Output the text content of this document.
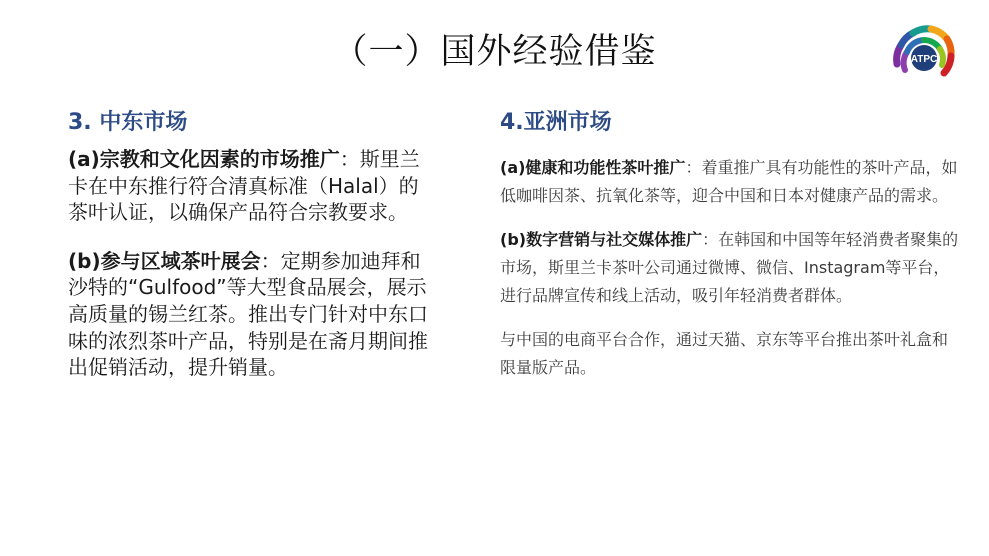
（一）国外经验借鉴	ATPC
3. 中东市场

(a)宗教和文化因素的市场推广：斯里兰卡在中东推行符合清真标准（Halal）的茶叶认证，以确保产品符合宗教要求。

(b)参与区域茶叶展会：定期参加迪拜和沙特的“Gulfood”等大型食品展会，展示高质量的锡兰红茶。推出专门针对中东口味的浓烈茶叶产品，特别是在斋月期间推出促销活动，提升销量。

4.亚洲市场

(a)健康和功能性茶叶推广：着重推广具有功能性的茶叶产品，如低咖啡因茶、抗氧化茶等，迎合中国和日本对健康产品的需求。

(b)数字营销与社交媒体推广：在韩国和中国等年轻消费者聚集的市场，斯里兰卡茶叶公司通过微博、微信、Instagram等平台，进行品牌宣传和线上活动，吸引年轻消费者群体。

与中国的电商平台合作，通过天猫、京东等平台推出茶叶礼盒和限量版产品。
